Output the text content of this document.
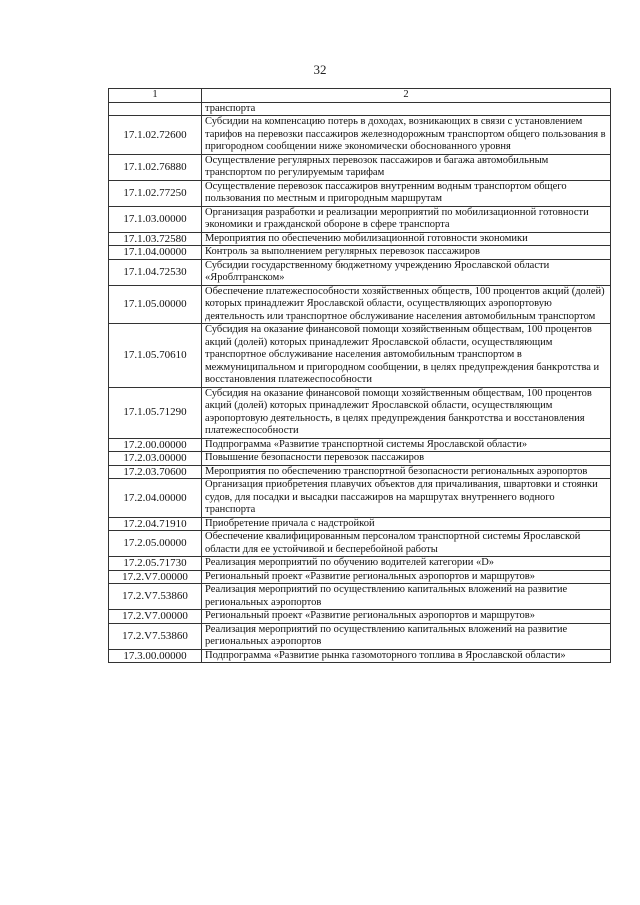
32
1	2
	транспорта
17.1.02.72600	Субсидии на компенсацию потерь в доходах, возникающих в связи с установлением тарифов на перевозки пассажиров железнодорожным транспортом общего пользования в пригородном сообщении ниже экономически обоснованного уровня
17.1.02.76880	Осуществление регулярных перевозок пассажиров и багажа автомобильным транспортом по регулируемым тарифам
17.1.02.77250	Осуществление перевозок пассажиров внутренним водным транспортом общего пользования по местным и пригородным маршрутам
17.1.03.00000	Организация разработки и реализации мероприятий по мобилизационной готовности экономики и гражданской обороне в сфере транспорта
17.1.03.72580	Мероприятия по обеспечению мобилизационной готовности экономики
17.1.04.00000	Контроль за выполнением регулярных перевозок пассажиров
17.1.04.72530	Субсидии государственному бюджетному учреждению Ярославской области «Яроблтранском»
17.1.05.00000	Обеспечение платежеспособности хозяйственных обществ, 100 процентов акций (долей) которых принадлежит Ярославской области, осуществляющих аэропортовую деятельность или транспортное обслуживание населения автомобильным транспортом
17.1.05.70610	Субсидия на оказание финансовой помощи хозяйственным обществам, 100 процентов акций (долей) которых принадлежит Ярославской области, осуществляющим транспортное обслуживание населения автомобильным транспортом в межмуниципальном и пригородном сообщении, в целях предупреждения банкротства и восстановления платежеспособности
17.1.05.71290	Субсидия на оказание финансовой помощи хозяйственным обществам, 100 процентов акций (долей) которых принадлежит Ярославской области, осуществляющим аэропортовую деятельность, в целях предупреждения банкротства и восстановления платежеспособности
17.2.00.00000	Подпрограмма «Развитие транспортной системы Ярославской области»
17.2.03.00000	Повышение безопасности перевозок пассажиров
17.2.03.70600	Мероприятия по обеспечению транспортной безопасности региональных аэропортов
17.2.04.00000	Организация приобретения плавучих объектов для причаливания, швартовки и стоянки судов, для посадки и высадки пассажиров на маршрутах внутреннего водного транспорта
17.2.04.71910	Приобретение причала с надстройкой
17.2.05.00000	Обеспечение квалифицированным персоналом транспортной системы Ярославской области для ее устойчивой и бесперебойной работы
17.2.05.71730	Реализация мероприятий по обучению водителей категории «D»
17.2.V7.00000	Региональный проект «Развитие региональных аэропортов и маршрутов»
17.2.V7.53860	Реализация мероприятий по осуществлению капитальных вложений на развитие региональных аэропортов
17.2.V7.00000	Региональный проект «Развитие региональных аэропортов и маршрутов»
17.2.V7.53860	Реализация мероприятий по осуществлению капитальных вложений на развитие региональных аэропортов
17.3.00.00000	Подпрограмма «Развитие рынка газомоторного топлива в Ярославской области»
